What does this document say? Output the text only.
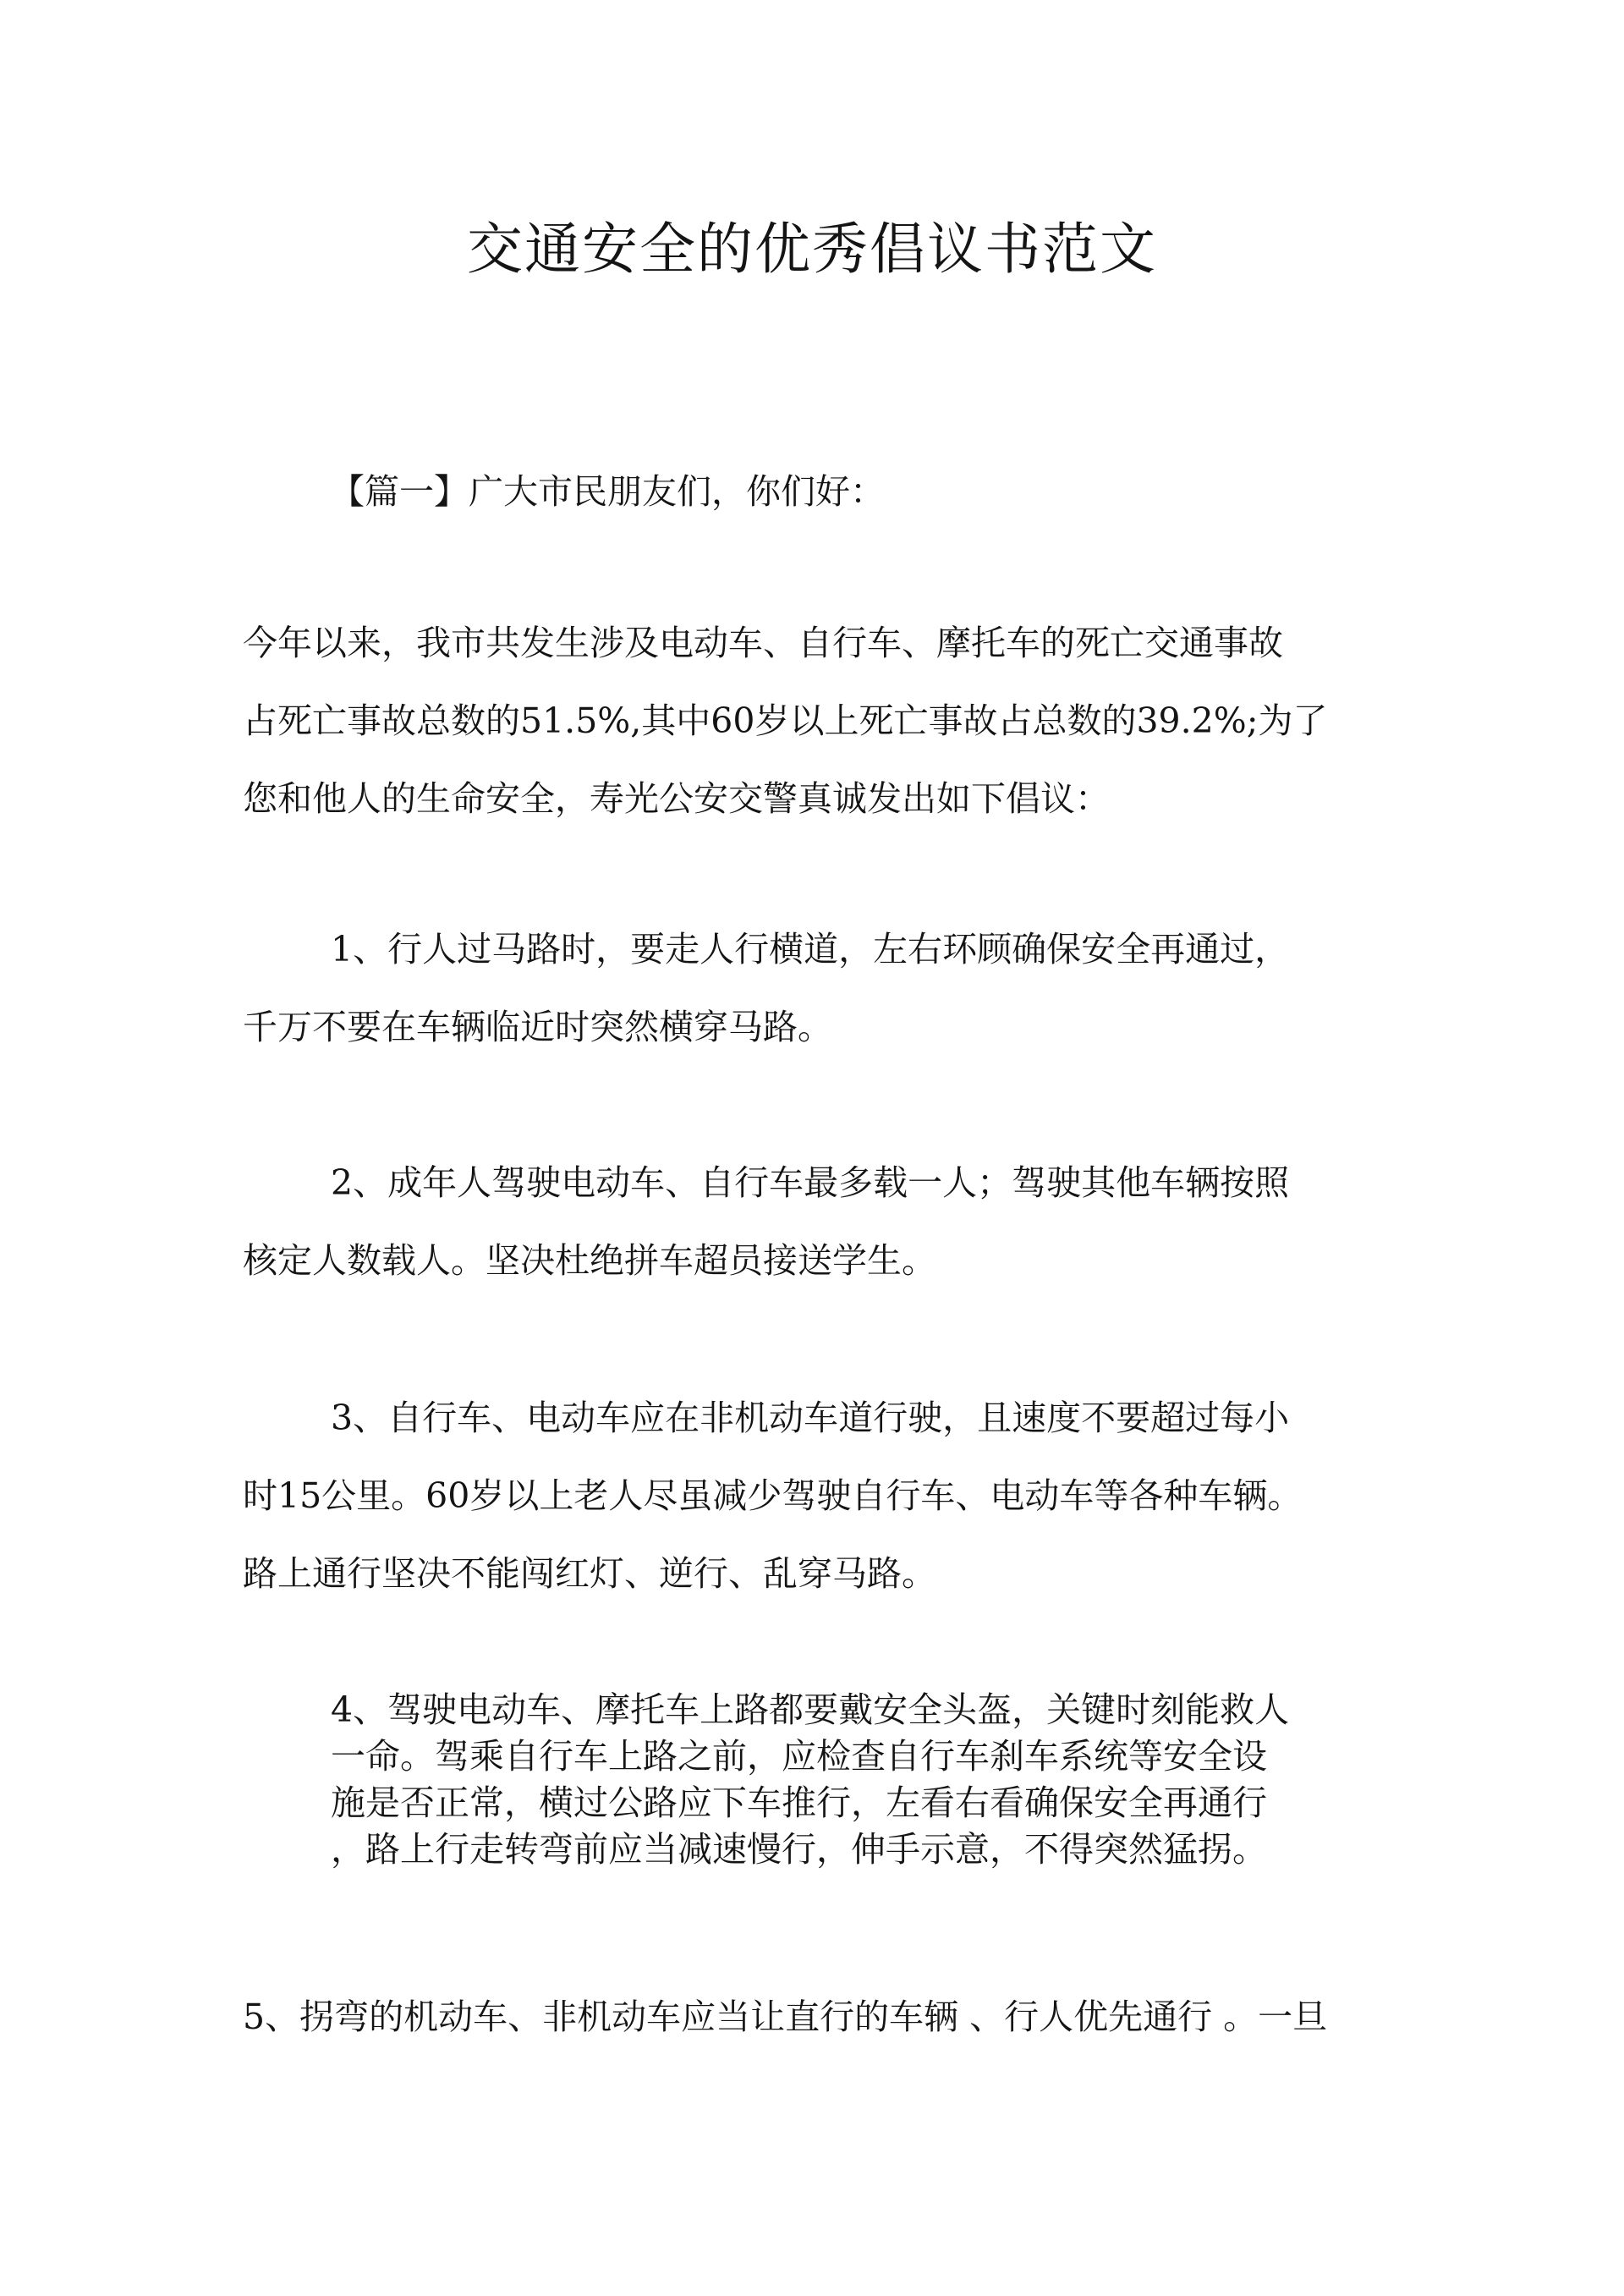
交通安全的优秀倡议书范文

【篇一】广大市民朋友们，你们好：

今年以来，我市共发生涉及电动车、自行车、摩托车的死亡交通事故
占死亡事故总数的51.5%,其中60岁以上死亡事故占总数的39.2%;为了
您和他人的生命安全，寿光公安交警真诚发出如下倡议：

1、行人过马路时，要走人行横道，左右环顾确保安全再通过，
千万不要在车辆临近时突然横穿马路。

2、成年人驾驶电动车、自行车最多载一人；驾驶其他车辆按照
核定人数载人。坚决杜绝拼车超员接送学生。

3、自行车、电动车应在非机动车道行驶，且速度不要超过每小
时15公里。60岁以上老人尽虽减少驾驶自行车、电动车等各种车辆。
路上通行坚决不能闯红灯、逆行、乱穿马路。

4、驾驶电动车、摩托车上路都要戴安全头盔，关键时刻能救人
一命。驾乘自行车上路之前，应检查自行车刹车系统等安全设
施是否正常，横过公路应下车推行，左看右看确保安全再通行
，路上行走转弯前应当减速慢行，伸手示意，不得突然猛拐。

5、拐弯的机动车、非机动车应当让直行的车辆 、行人优先通行 。一旦
